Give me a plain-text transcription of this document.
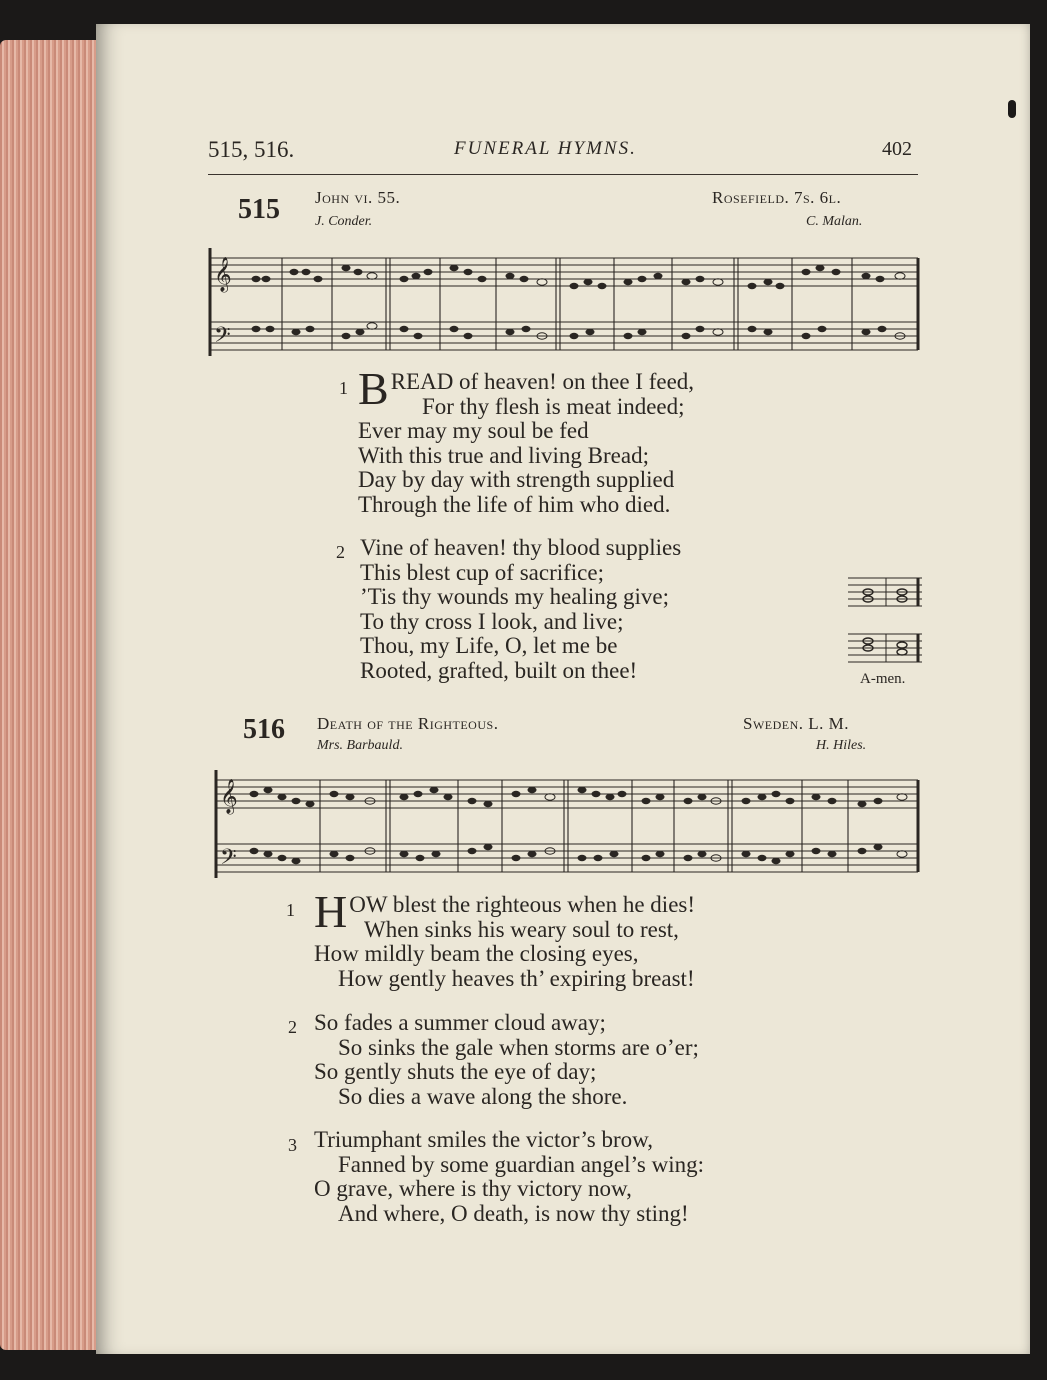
515, 516.	FUNERAL HYMNS.	402
515 John vi. 55.
J. Conder.
Rosefield. 7s. 6l.
C. Malan.
𝄞
𝄢
1 BREAD of heaven! on thee I feed,
For thy flesh is meat indeed;
Ever may my soul be fed
With this true and living Bread;
Day by day with strength supplied
Through the life of him who died.
2 Vine of heaven! thy blood supplies
This blest cup of sacrifice;
’Tis thy wounds my healing give;
To thy cross I look, and live;
Thou, my Life, O, let me be
Rooted, grafted, built on thee!	A-men.
516 Death of the Righteous.
Mrs. Barbauld.
Sweden. L. M.
H. Hiles.
𝄞
𝄢
1 HOW blest the righteous when he dies!
When sinks his weary soul to rest,
How mildly beam the closing eyes,
How gently heaves th’ expiring breast!
2 So fades a summer cloud away;
So sinks the gale when storms are o’er;
So gently shuts the eye of day;
So dies a wave along the shore.
3 Triumphant smiles the victor’s brow,
Fanned by some guardian angel’s wing:
O grave, where is thy victory now,
And where, O death, is now thy sting!
